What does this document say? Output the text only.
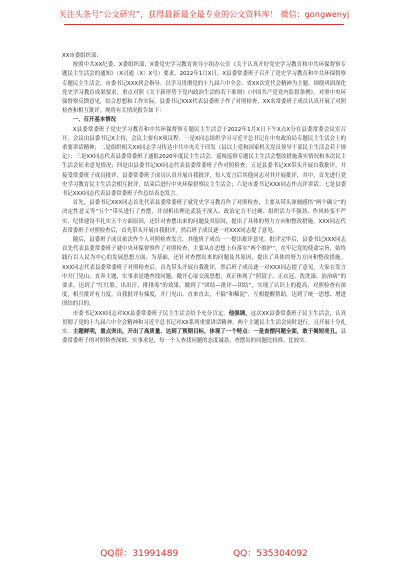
关注头条号“公文研究”，获得最新最全最专业的公文资料库！ 微信：gongwenyj

XX市委组织部：

按照中共XX纪委、X委组织部、X委党史学习教育领导小组办公室《关于认真开好党史学习教育和中共环保督察专题民主生活会的通知》（X司通〔X〕X号）要求，2022年1月X日，X县委常委班子召开了党史学习教育和中共环保督察专题民主生活会，市委书记XXX到会指导。以学习贯彻党的十九届六中全会、省XX次党代会精神为主题，围绕巩固深化党史学习教育成果要求，重点对照《关于新形势下党内政治生活的若干准则》《中国共产党党内监督条例》，对照中央环保督察反馈意见，结合思想和工作实际，县委书记XXX代表县委班子作了对照检查，XX名常委班子成员认真开展了对照检查和相互批评。现将有关情况报告如下：

一、召开基本情况

X县委常委班子党史学习教育和中共环保督察专题民主生活会于2022年1月X日下午X点X分在县委常委会议室召开。会议由县委书记X主持，会议主要有X项议程：一是X同志组织学习习近平总书记在中央政治局专题民主生活会上的重要讲话精神；二是组织相关XX同志学习传达中共中央关于印发《县以上党和国家机关党员领导干部民主生活会若干规定》；三是XX同志代表县委常委班子通报2020年度民主生活会、巡视巡察专题民主生活会整改措施落实情况和本次民主生活会征求意见情况；四是由县委书记XX同志代表县委常委班子作对照检查；五是县委书记XX带头开展自我批评，并接受常委班子成员批评，县委常委班子成员认真开展自我批评，每人发言后其他同志对其开展批评，其中，首先进行党史学习教育民主生活会相互批评，结束后进行中央环保督察民主生活会；六是市委书记XXX同志作点评讲话；七是县委书记XXX同志代表县委常委班子作总结表态发言。

首先，县委书记XXX同志首先代表县委常委班子就党史学习教育作了对照检查，主要从带头深刻感悟“两个确立”的决定性意义等“五个”带头进行了查摆，并剖析出理论武装不深入、政治定力不过硬、组织活力不强劲、作风转变不严实、纪律建设不扎实五个方面原因，还针对查摆出来的问题及其原因，提出了具体的努力方向和整改措施。XXX同志代表常委班子对照检查后，首先带头开展自我批评，然后班子成员逐一对XXX同志提了意见。

随后，县委班子成员依次作个人对照检查发言，其他班子成员一一提出批评意见。批评完毕后，县委书记XXX同志首先代表县委常委班子就中央环保督察作了对照检查，主要从在思想上有落实“两个维护”，在牢记党的使命宗旨，始终践行以人民为中心的发展思想方面，为基础，还针对查摆出来的问题及其原因，提出了具体的努力方向和整改措施。XXX同志代表县委常委班子对照检查后，首先带头开展自我批评，然后班子成员逐一对XXX同志提了意见。大家在发言中开门见山、直奔主题，实事求是地查找问题，敞开心扉交流思想，真正体现了“照镜子、正衣冠、洗洗澡、治治病”的要求，达到了“红红脸、出出汗、排排毒”的效果，做到了“团结—批评—团结”，实现了认识上的提高，对照检查有深度，相互批评有力度，自我批评有辣度，开门见山、直来直去，不搞“和稀泥”，互相提醒帮助，达到了统一思想、增进团结的目的。

市委书记XXX同志对XX县委常委班子民主生活会给予充分肯定。他强调，这次XX县委常委班子民主生活会，认真贯彻了党的十九届六中全会精神和习近平总书记对XX系列重要讲话精神，两个主题民主生活会同时进行，且开展十分扎实。主题鲜明，重点突出，开出了高质量、达到了预期目标，体现了一个特点：一是查摆问题全面，敢于揭短亮丑。县委常委班子的对照检查深刻、实事求是，每一个人查找问题的态度诚恳，查摆出的问题比较准、比较实。

QQ群：31991489	QQ：535304092
